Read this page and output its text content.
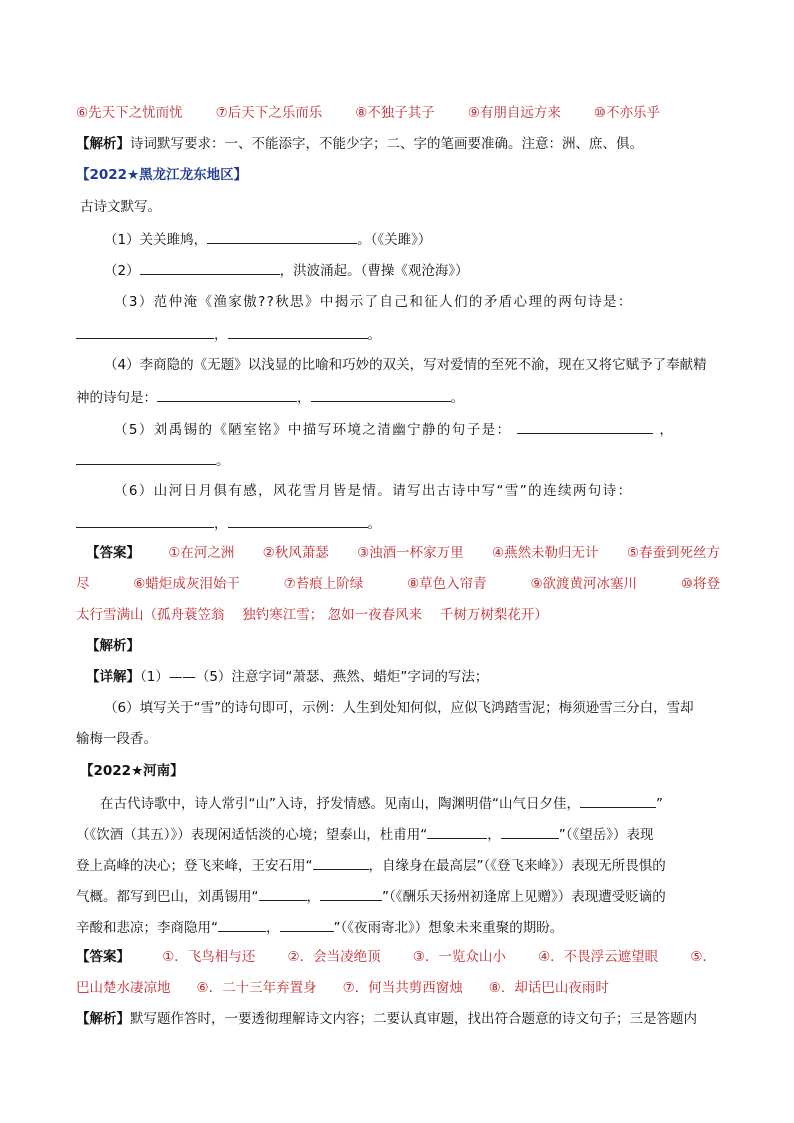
⑥先天下之忧而忧 ⑦后天下之乐而乐 ⑧不独子其子 ⑨有朋自远方来 ⑩不亦乐乎
【解析】诗词默写要求：一、不能添字，不能少字；二、字的笔画要准确。注意：洲、庶、俱。
【2022★黑龙江龙东地区】
古诗文默写。
（1）关关雎鸠，	。（《关雎》）
（2）	，洪波涌起。（曹操《观沧海》）
（3）范仲淹《渔家傲??秋思》中揭示了自己和征人们的矛盾心理的两句诗是：
，	。
（4）李商隐的《无题》以浅显的比喻和巧妙的双关，写对爱情的至死不渝，现在又将它赋予了奉献精
神的诗句是：	，	。
（5）刘禹锡的《陋室铭》中描写环境之清幽宁静的句子是：	，
。
（6）山河日月俱有感，风花雪月皆是情。请写出古诗中写“雪”的连续两句诗：
，	。
【答案】 ①在河之洲 ②秋风萧瑟 ③浊酒一杯家万里 ④燕然未勒归无计 ⑤春蚕到死丝方
尽	⑥蜡炬成灰泪始干	⑦苔痕上阶绿	⑧草色入帘青	⑨欲渡黄河冰塞川	⑩将登
太行雪满山（孤舟蓑笠翁　 独钓寒江雪； 忽如一夜春风来　 千树万树梨花开）
【解析】
【详解】（1）——（5）注意字词“萧瑟、燕然、蜡炬”字词的写法；
（6）填写关于“雪”的诗句即可，示例：人生到处知何似，应似飞鸿踏雪泥；梅须逊雪三分白，雪却
输梅一段香。
【2022★河南】
在古代诗歌中，诗人常引“山”入诗，抒发情感。见南山，陶渊明借“山气日夕佳，	”
（《饮酒（其五）》）表现闲适恬淡的心境；望泰山，杜甫用“	，	”（《望岳》）表现
登上高峰的决心；登飞来峰，王安石用“	，自缘身在最高层”（《登飞来峰》）表现无所畏惧的
气概。都写到巴山，刘禹锡用“	，	”（《酬乐天扬州初逢席上见赠》）表现遭受贬谪的
辛酸和悲凉；李商隐用“	，	”（《夜雨寄北》）想象未来重聚的期盼。
【答案】 ①．飞鸟相与还 ②．会当凌绝顶 ③．一览众山小 ④．不畏浮云遮望眼 ⑤．
巴山楚水凄凉地 ⑥．二十三年弃置身 ⑦．何当共剪西窗烛 ⑧．却话巴山夜雨时
【解析】默写题作答时，一要透彻理解诗文内容；二要认真审题，找出符合题意的诗文句子；三是答题内
